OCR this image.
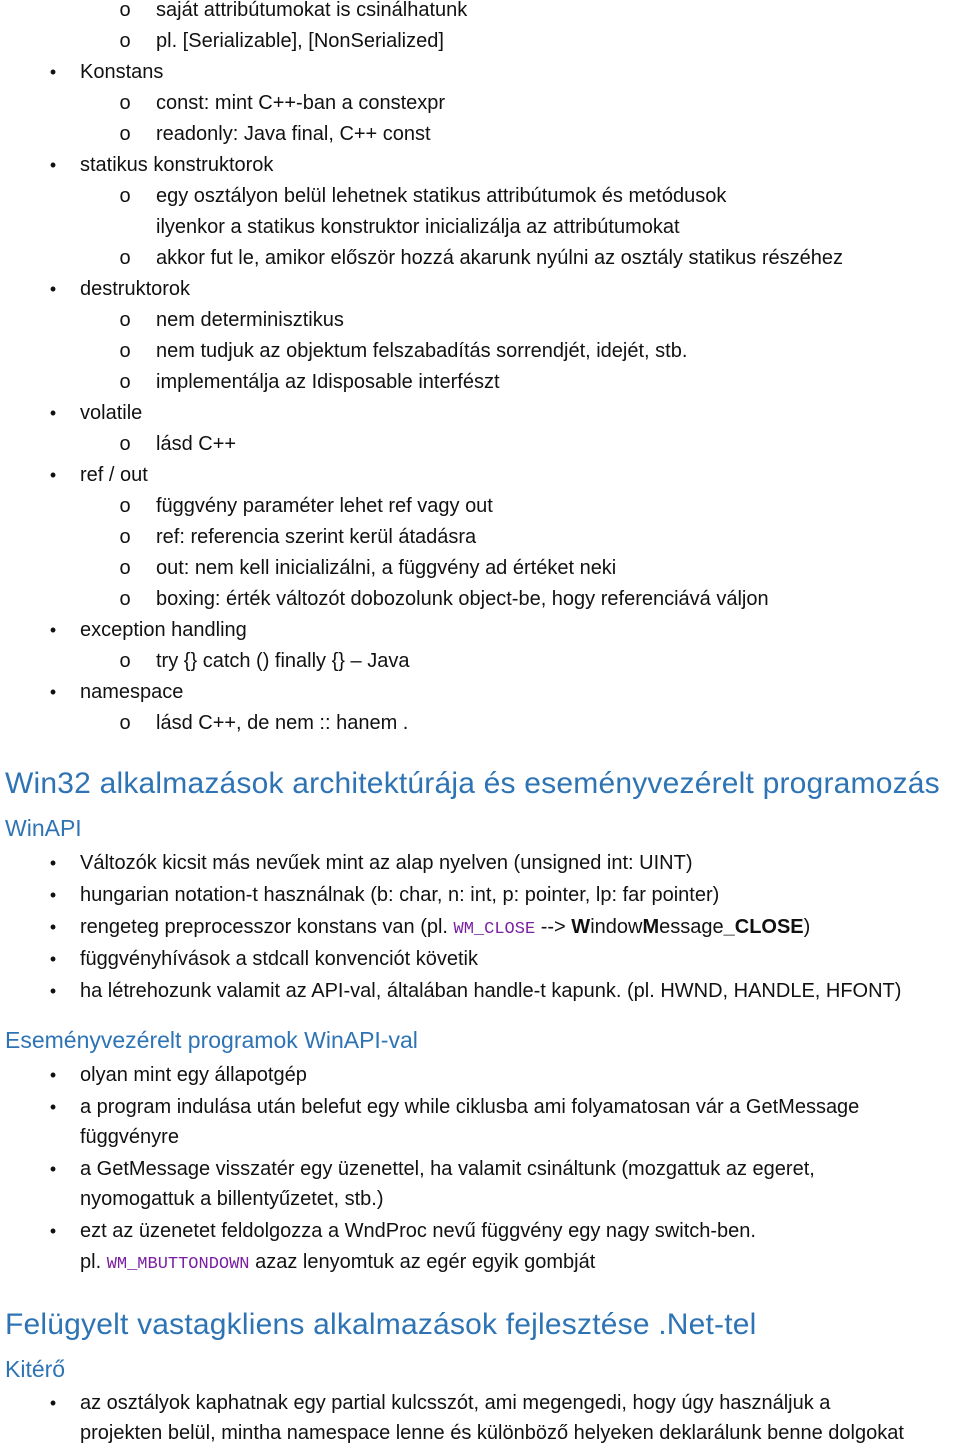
o saját attribútumokat is csinálhatunk
o pl. [Serializable], [NonSerialized]
•	Konstans
o const: mint C++-ban a constexpr
o readonly: Java final, C++ const
•	statikus konstruktorok
o egy osztályon belül lehetnek statikus attribútumok és metódusok
ilyenkor a statikus konstruktor inicializálja az attribútumokat
o akkor fut le, amikor először hozzá akarunk nyúlni az osztály statikus részéhez
•	destruktorok
o nem determinisztikus
o nem tudjuk az objektum felszabadítás sorrendjét, idejét, stb.
o implementálja az Idisposable interfészt
•	volatile
o lásd C++
•	ref / out
o függvény paraméter lehet ref vagy out
o ref: referencia szerint kerül átadásra
o out: nem kell inicializálni, a függvény ad értéket neki
o boxing: érték változót dobozolunk object-be, hogy referenciává váljon
•	exception handling
o try {} catch () finally {} – Java
•	namespace
o lásd C++, de nem :: hanem .
Win32 alkalmazások architektúrája és eseményvezérelt programozás
WinAPI
•	Változók kicsit más nevűek mint az alap nyelven (unsigned int: UINT)
•	hungarian notation-t használnak (b: char, n: int, p: pointer, lp: far pointer)
•	rengeteg preprocesszor konstans van (pl. WM_CLOSE --> WindowMessage_CLOSE)
•	függvényhívások a stdcall konvenciót követik
•	ha létrehozunk valamit az API-val, általában handle-t kapunk. (pl. HWND, HANDLE, HFONT)
Eseményvezérelt programok WinAPI-val
•	olyan mint egy állapotgép
•	a program indulása után belefut egy while ciklusba ami folyamatosan vár a GetMessage
függvényre
•	a GetMessage visszatér egy üzenettel, ha valamit csináltunk (mozgattuk az egeret,
nyomogattuk a billentyűzetet, stb.)
•	ezt az üzenetet feldolgozza a WndProc nevű függvény egy nagy switch-ben.
pl. WM_MBUTTONDOWN azaz lenyomtuk az egér egyik gombját
Felügyelt vastagkliens alkalmazások fejlesztése .Net-tel
Kitérő
•	az osztályok kaphatnak egy partial kulcsszót, ami megengedi, hogy úgy használjuk a
projekten belül, mintha namespace lenne és különböző helyeken deklarálunk benne dolgokat
